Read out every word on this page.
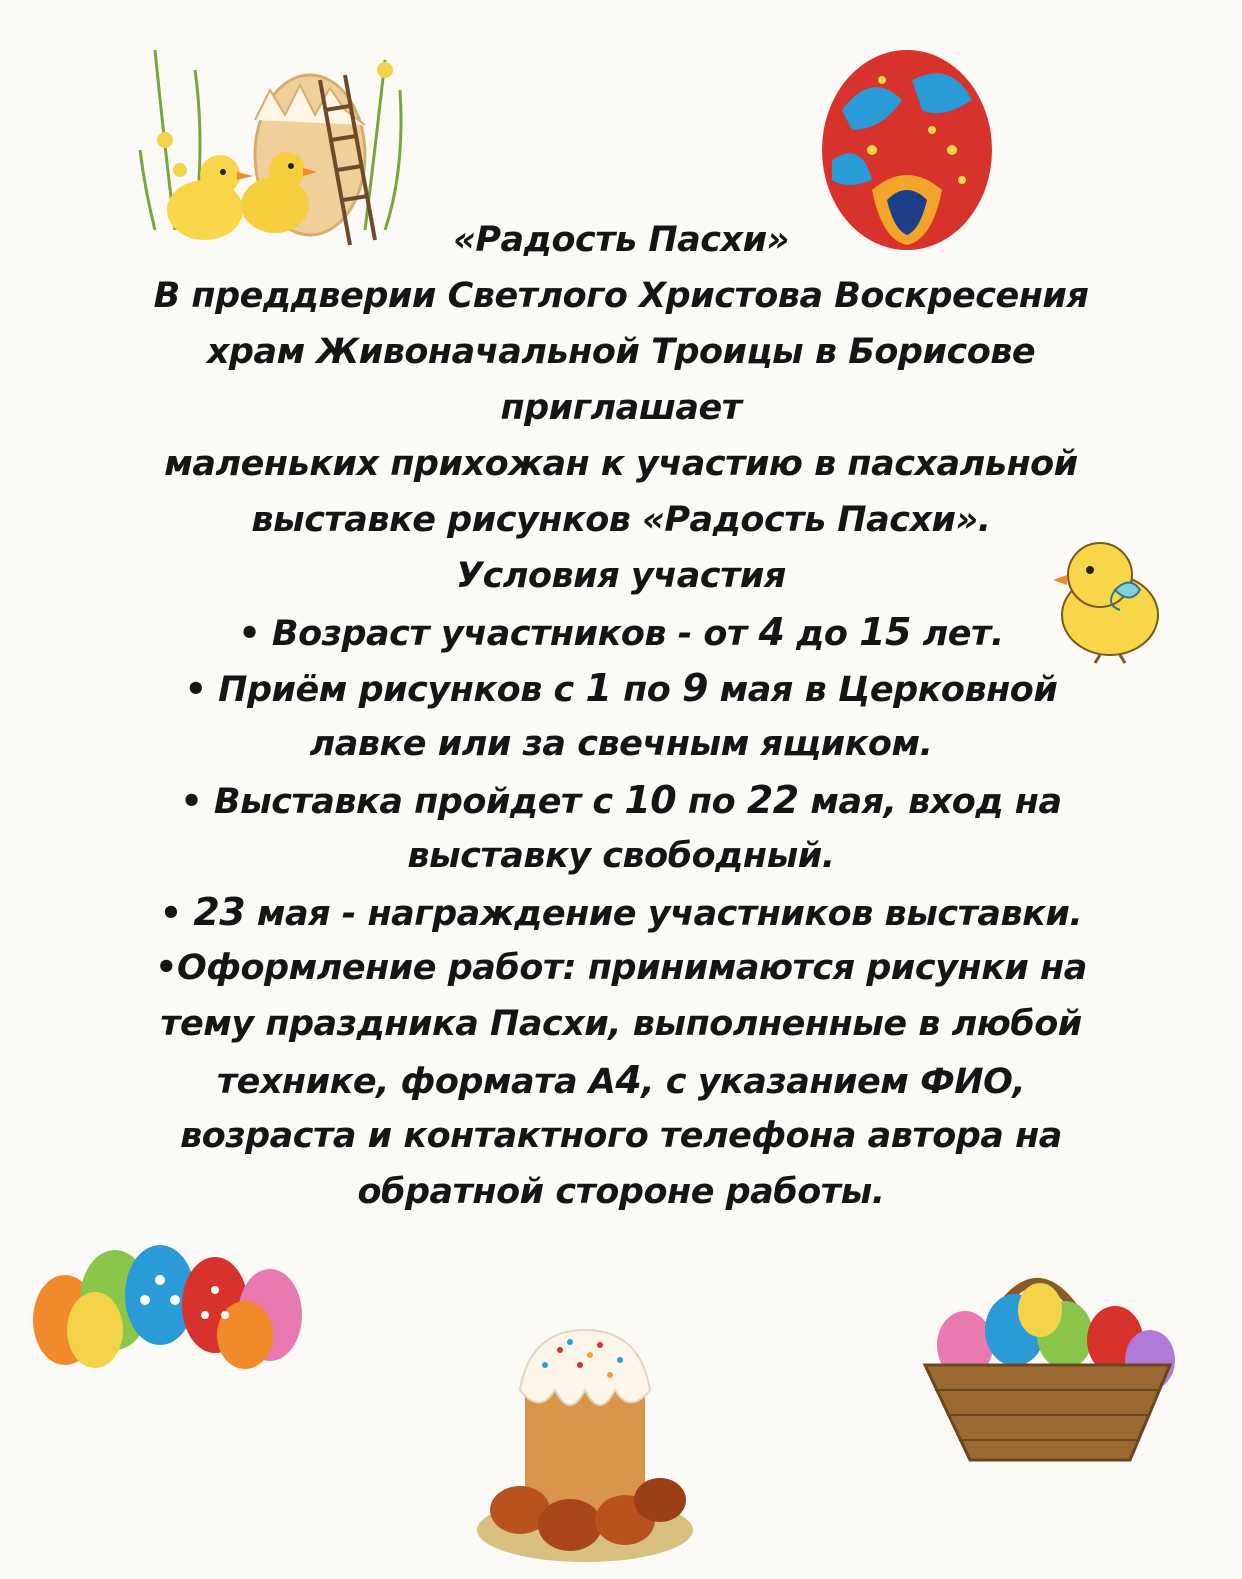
«Радость Пасхи»
В преддверии Светлого Христова Воскресения
храм Живоначальной Троицы в Борисове
приглашает
маленьких прихожан к участию в пасхальной
выставке рисунков «Радость Пасхи».
Условия участия
• Возраст участников - от 4 до 15 лет.
• Приём рисунков с 1 по 9 мая в Церковной
лавке или за свечным ящиком.
• Выставка пройдет с 10 по 22 мая, вход на
выставку свободный.
• 23 мая - награждение участников выставки.
•Оформление работ: принимаются рисунки на
тему праздника Пасхи, выполненные в любой
технике, формата А4, с указанием ФИО,
возраста и контактного телефона автора на
обратной стороне работы.
